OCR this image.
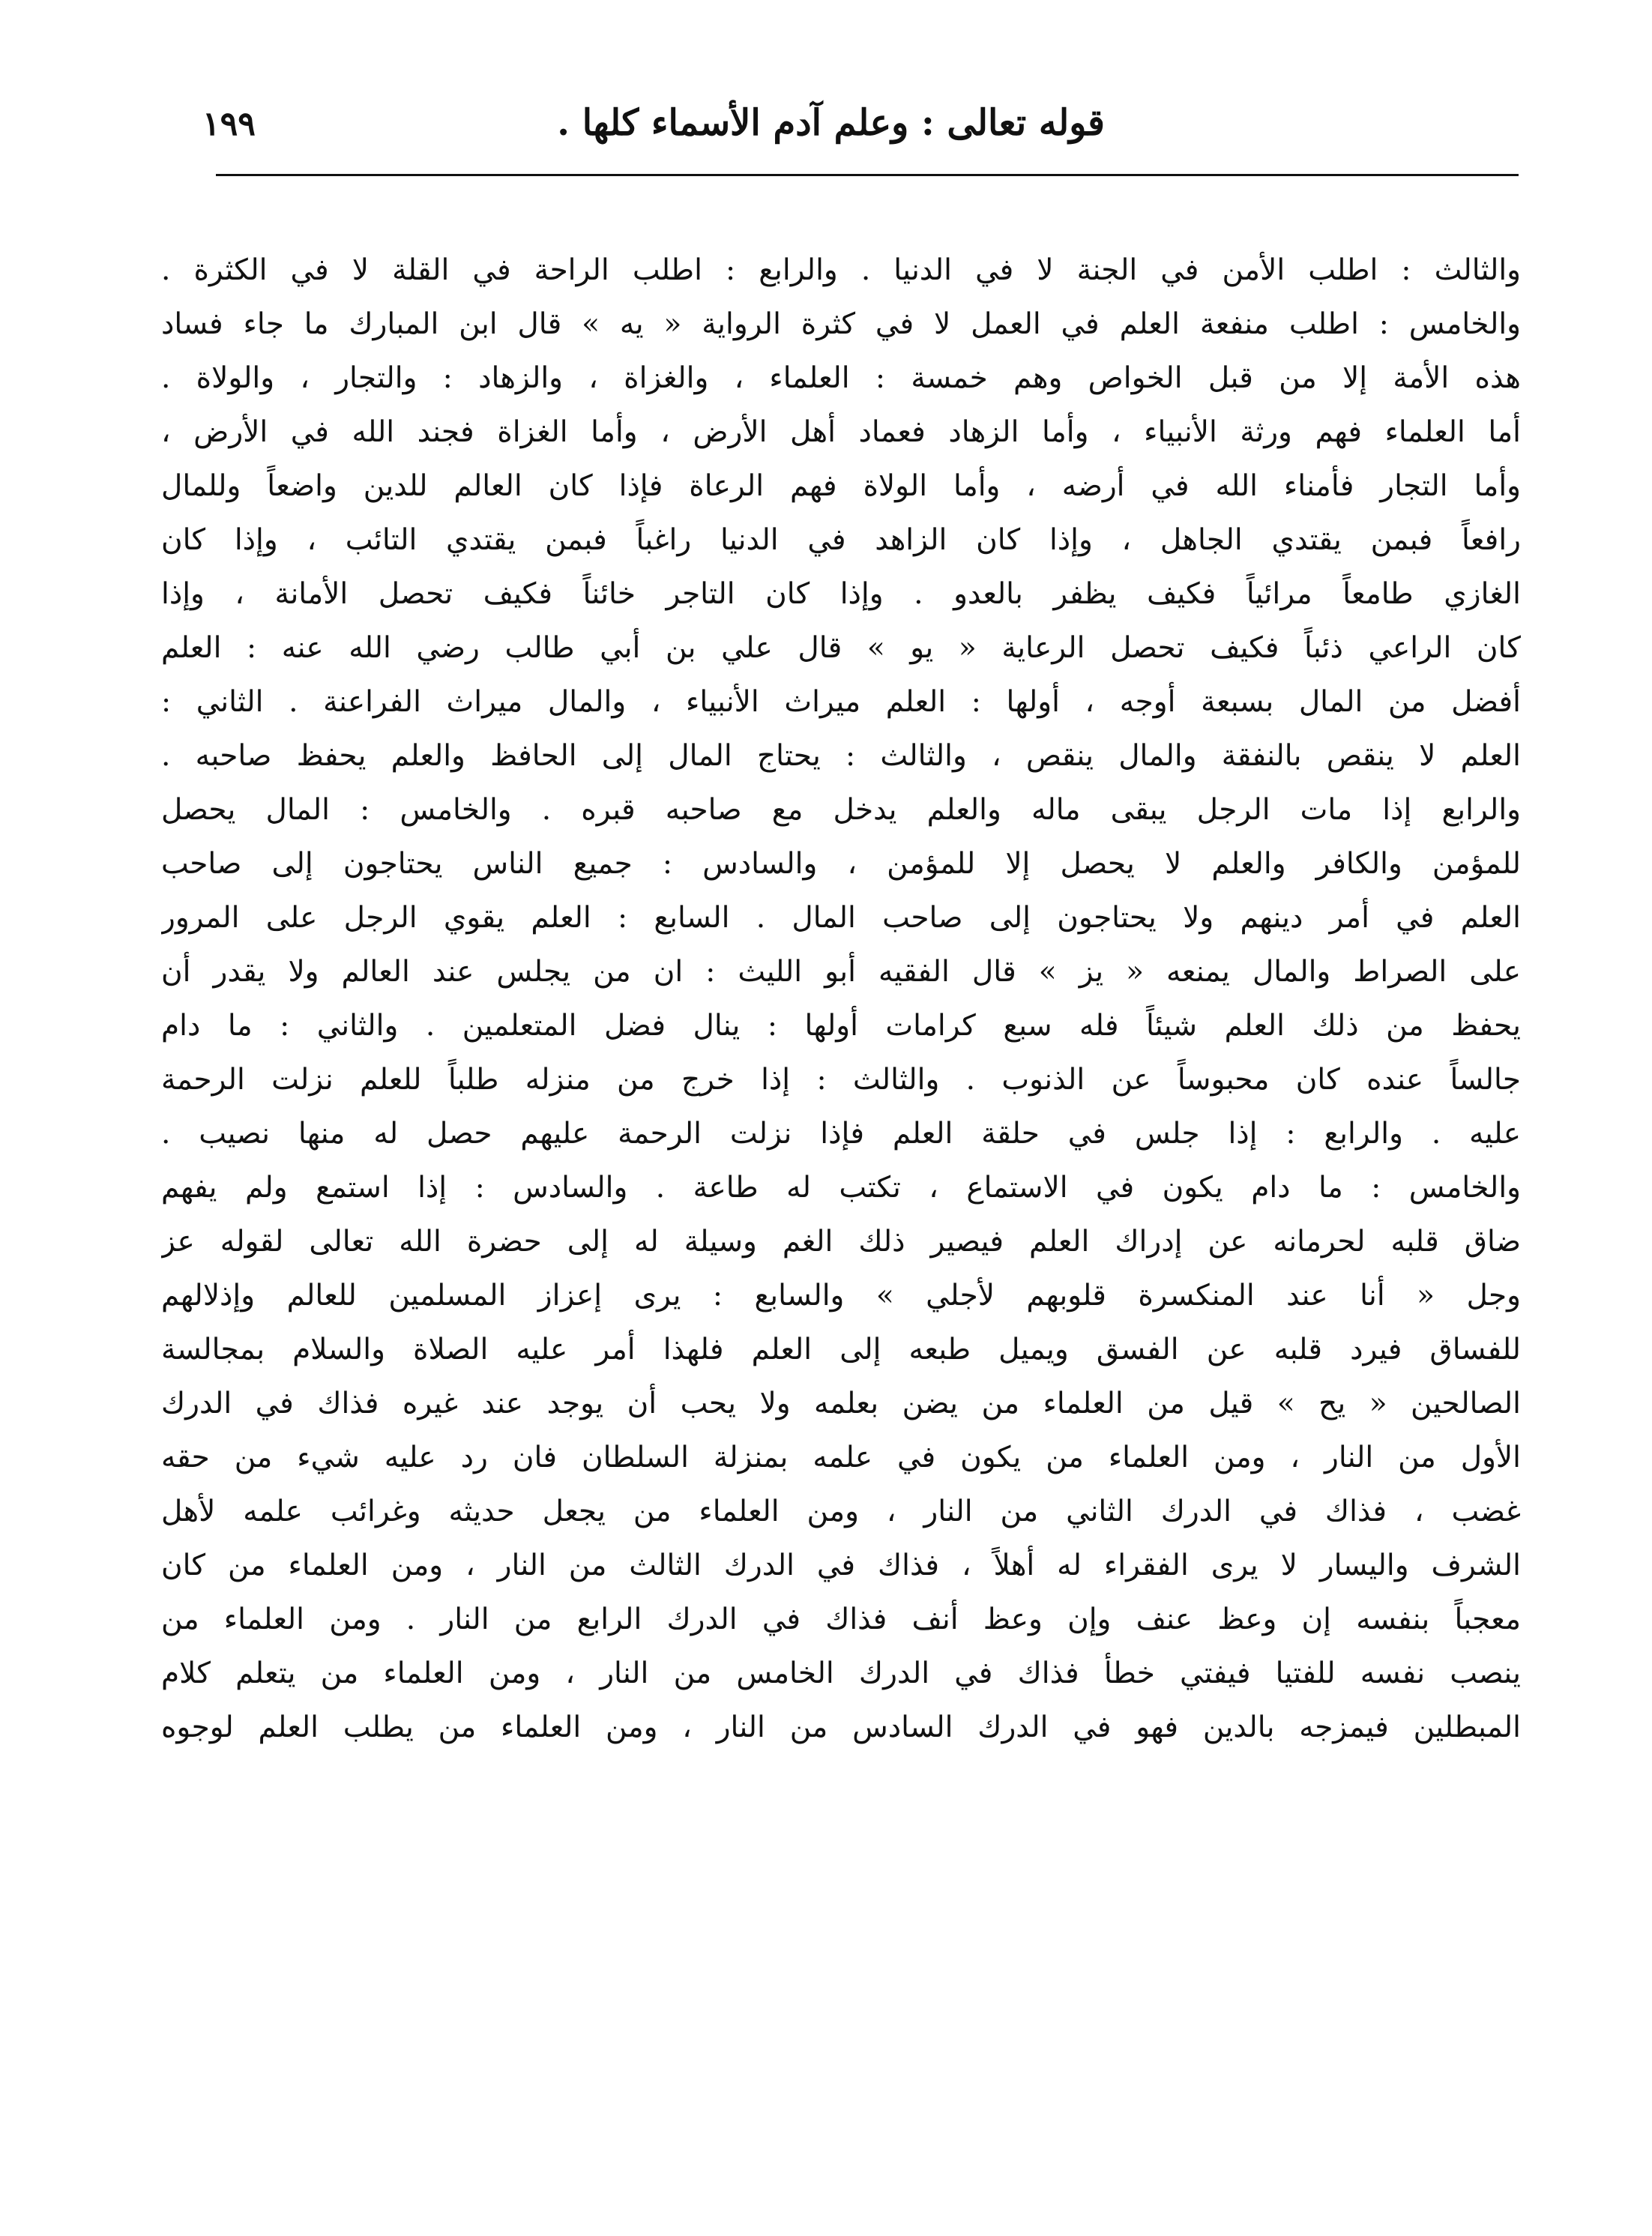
١٩٩	قوله تعالى : وعلم آدم الأسماء كلها .
والثالث : اطلب الأمن في الجنة لا في الدنيا . والرابع : اطلب الراحة في القلة لا في الكثرة .
والخامس : اطلب منفعة العلم في العمل لا في كثرة الرواية « يه » قال ابن المبارك ما جاء فساد
هذه الأمة إلا من قبل الخواص وهم خمسة : العلماء ، والغزاة ، والزهاد : والتجار ، والولاة .
أما العلماء فهم ورثة الأنبياء ، وأما الزهاد فعماد أهل الأرض ، وأما الغزاة فجند الله في الأرض ،
وأما التجار فأمناء الله في أرضه ، وأما الولاة فهم الرعاة فإذا كان العالم للدين واضعاً وللمال
رافعاً فبمن يقتدي الجاهل ، وإذا كان الزاهد في الدنيا راغباً فبمن يقتدي التائب ، وإذا كان
الغازي طامعاً مرائياً فكيف يظفر بالعدو . وإذا كان التاجر خائناً فكيف تحصل الأمانة ، وإذا
كان الراعي ذئباً فكيف تحصل الرعاية « يو » قال علي بن أبي طالب رضي الله عنه : العلم
أفضل من المال بسبعة أوجه ، أولها : العلم ميراث الأنبياء ، والمال ميراث الفراعنة . الثاني :
العلم لا ينقص بالنفقة والمال ينقص ، والثالث : يحتاج المال إلى الحافظ والعلم يحفظ صاحبه .
والرابع إذا مات الرجل يبقى ماله والعلم يدخل مع صاحبه قبره . والخامس : المال يحصل
للمؤمن والكافر والعلم لا يحصل إلا للمؤمن ، والسادس : جميع الناس يحتاجون إلى صاحب
العلم في أمر دينهم ولا يحتاجون إلى صاحب المال . السابع : العلم يقوي الرجل على المرور
على الصراط والمال يمنعه « يز » قال الفقيه أبو الليث : ان من يجلس عند العالم ولا يقدر أن
يحفظ من ذلك العلم شيئاً فله سبع كرامات أولها : ينال فضل المتعلمين . والثاني : ما دام
جالساً عنده كان محبوساً عن الذنوب . والثالث : إذا خرج من منزله طلباً للعلم نزلت الرحمة
عليه . والرابع : إذا جلس في حلقة العلم فإذا نزلت الرحمة عليهم حصل له منها نصيب .
والخامس : ما دام يكون في الاستماع ، تكتب له طاعة . والسادس : إذا استمع ولم يفهم
ضاق قلبه لحرمانه عن إدراك العلم فيصير ذلك الغم وسيلة له إلى حضرة الله تعالى لقوله عز
وجل « أنا عند المنكسرة قلوبهم لأجلي » والسابع : يرى إعزاز المسلمين للعالم وإذلالهم
للفساق فيرد قلبه عن الفسق ويميل طبعه إلى العلم فلهذا أمر عليه الصلاة والسلام بمجالسة
الصالحين « يح » قيل من العلماء من يضن بعلمه ولا يحب أن يوجد عند غيره فذاك في الدرك
الأول من النار ، ومن العلماء من يكون في علمه بمنزلة السلطان فان رد عليه شيء من حقه
غضب ، فذاك في الدرك الثاني من النار ، ومن العلماء من يجعل حديثه وغرائب علمه لأهل
الشرف واليسار لا يرى الفقراء له أهلاً ، فذاك في الدرك الثالث من النار ، ومن العلماء من كان
معجباً بنفسه إن وعظ عنف وإن وعظ أنف فذاك في الدرك الرابع من النار . ومن العلماء من
ينصب نفسه للفتيا فيفتي خطأ فذاك في الدرك الخامس من النار ، ومن العلماء من يتعلم كلام
المبطلين فيمزجه بالدين فهو في الدرك السادس من النار ، ومن العلماء من يطلب العلم لوجوه
